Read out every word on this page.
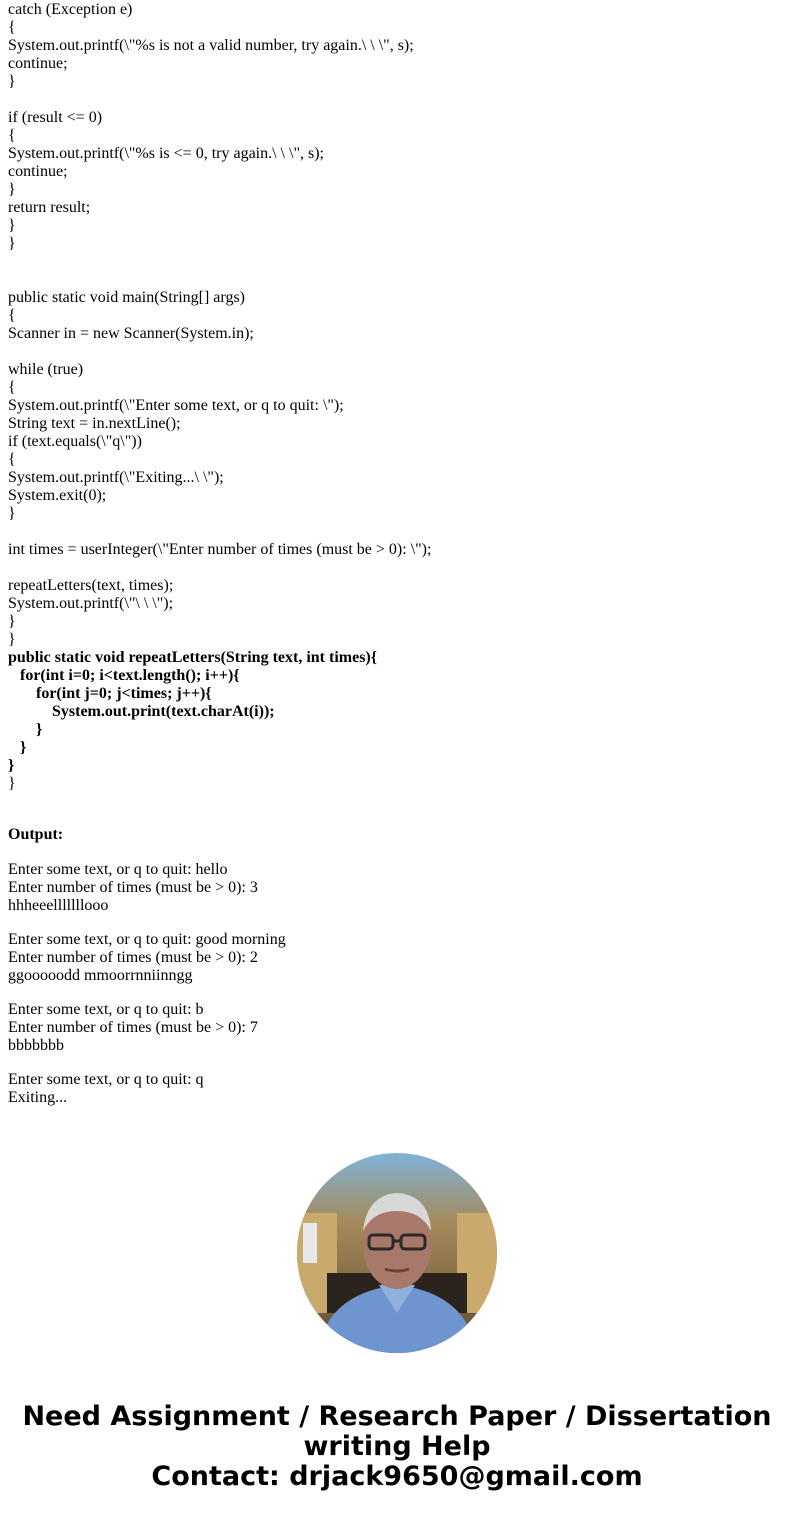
catch (Exception e)
{
System.out.printf(\"%s is not a valid number, try again.\ \ \", s);
continue;
}
if (result <= 0)
{
System.out.printf(\"%s is <= 0, try again.\ \ \", s);
continue;
}
return result;
}
}
public static void main(String[] args)
{
Scanner in = new Scanner(System.in);
while (true)
{
System.out.printf(\"Enter some text, or q to quit: \");
String text = in.nextLine();
if (text.equals(\"q\"))
{
System.out.printf(\"Exiting...\ \");
System.exit(0);
}
int times = userInteger(\"Enter number of times (must be > 0): \");
repeatLetters(text, times);
System.out.printf(\"\ \ \");
}
}
public static void repeatLetters(String text, int times){
for(int i=0; i<text.length(); i++){
for(int j=0; j<times; j++){
System.out.print(text.charAt(i));
}
}
}
}
Output:
Enter some text, or q to quit: hello
Enter number of times (must be > 0): 3
hhheeelllllllooo
Enter some text, or q to quit: good morning
Enter number of times (must be > 0): 2
ggooooodd mmoorrnniinngg
Enter some text, or q to quit: b
Enter number of times (must be > 0): 7
bbbbbbb
Enter some text, or q to quit: q
Exiting...
Need Assignment / Research Paper / Dissertation
writing Help
Contact: drjack9650@gmail.com
